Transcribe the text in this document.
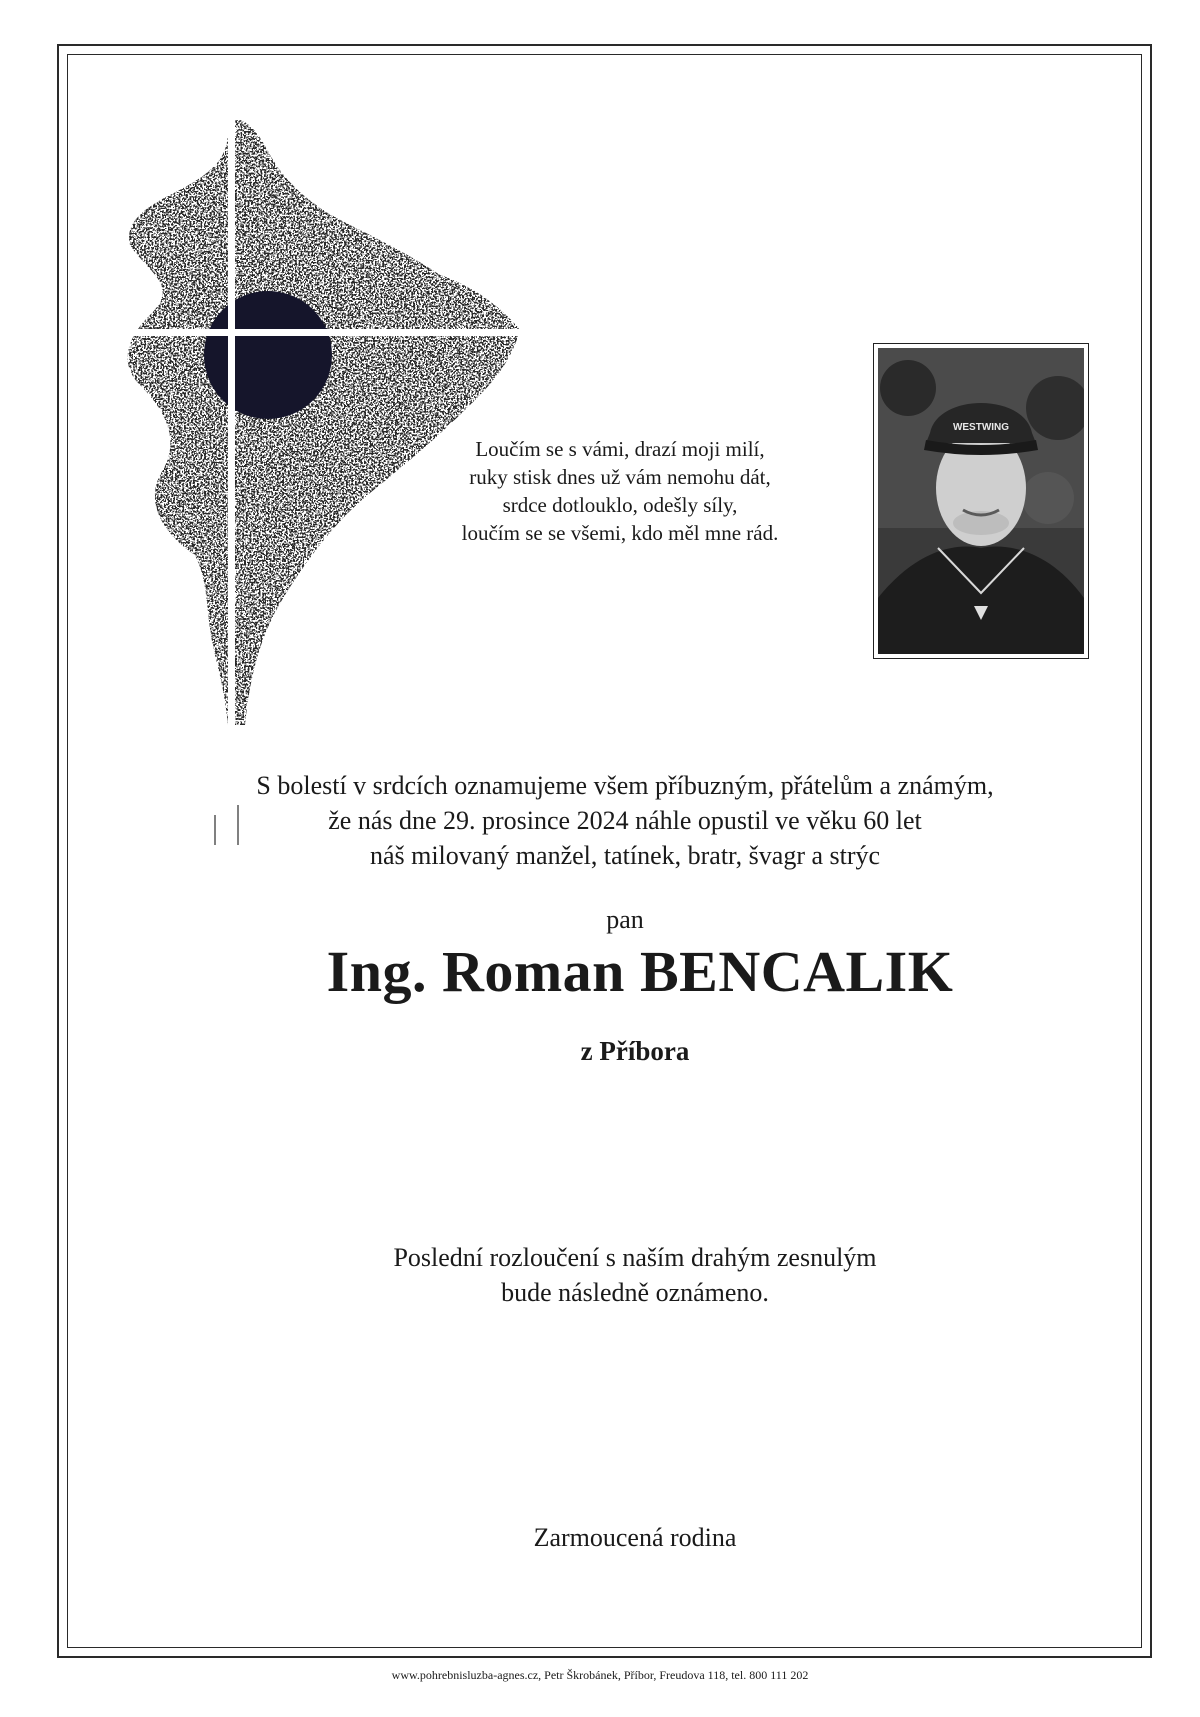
Loučím se s vámi, drazí moji milí,
ruky stisk dnes už vám nemohu dát,
srdce dotlouklo, odešly síly,
loučím se se všemi, kdo měl mne rád.
WESTWING
S bolestí v srdcích oznamujeme všem příbuzným, přátelům a známým,
že nás dne 29. prosince 2024 náhle opustil ve věku 60 let
náš milovaný manžel, tatínek, bratr, švagr a strýc
pan
Ing. Roman BENCALIK
z Příbora
Poslední rozloučení s naším drahým zesnulým
bude následně oznámeno.
Zarmoucená rodina
www.pohrebnisluzba-agnes.cz, Petr Škrobánek, Příbor, Freudova 118, tel. 800 111 202
